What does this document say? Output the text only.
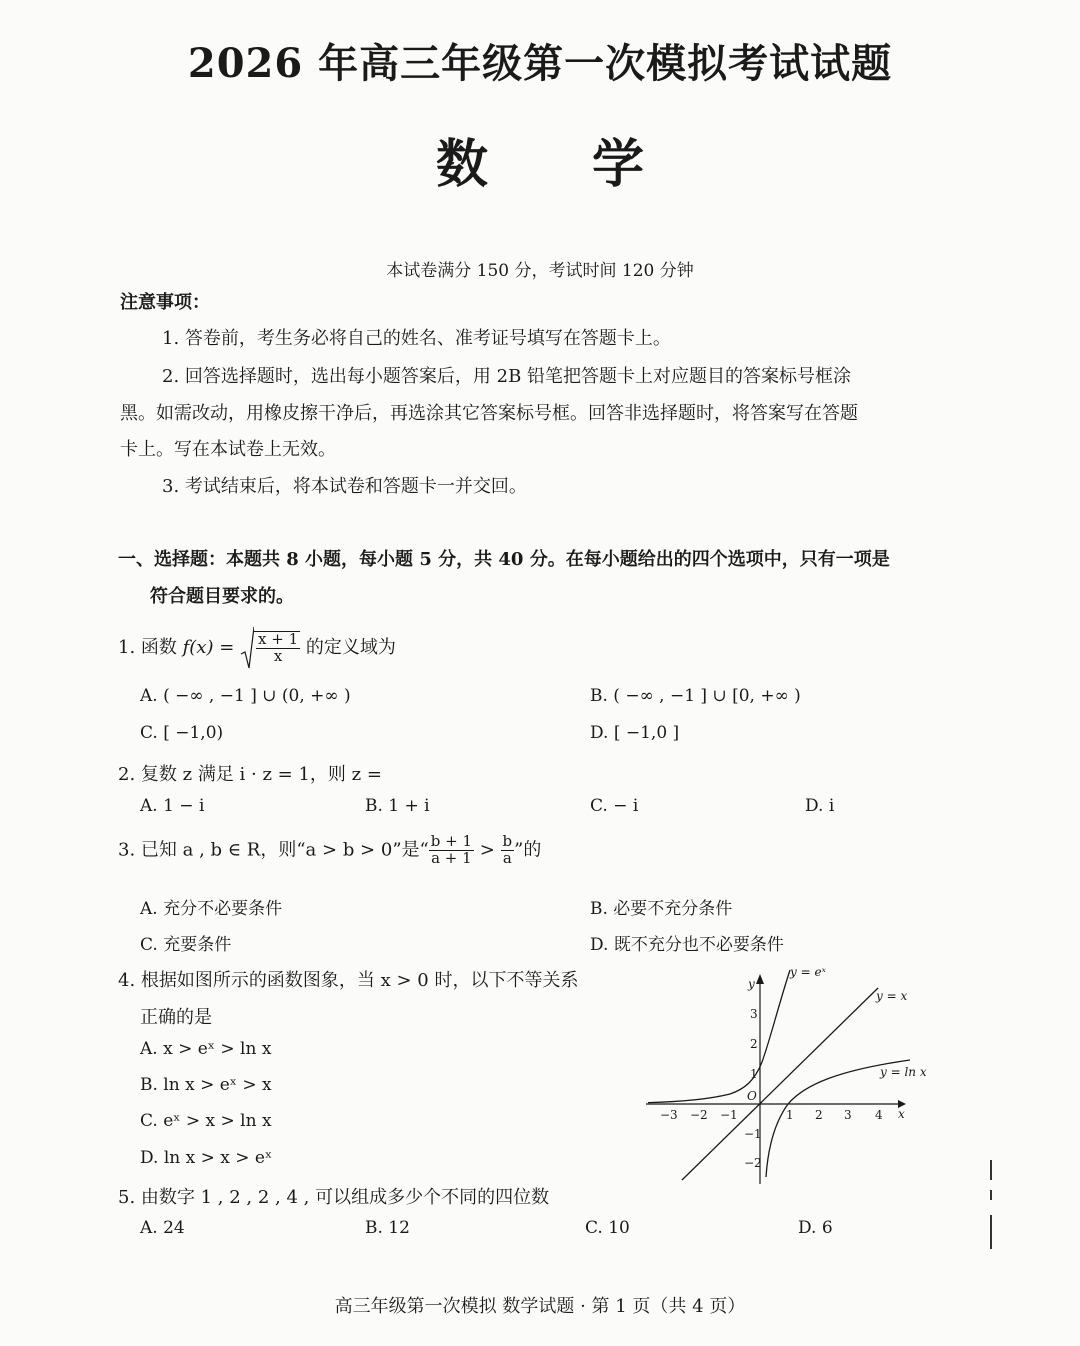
2026 年高三年级第一次模拟考试试题
数 学
本试卷满分 150 分，考试时间 120 分钟
注意事项：
1. 答卷前，考生务必将自己的姓名、准考证号填写在答题卡上。
2. 回答选择题时，选出每小题答案后，用 2B 铅笔把答题卡上对应题目的答案标号框涂
黑。如需改动，用橡皮擦干净后，再选涂其它答案标号框。回答非选择题时，将答案写在答题
卡上。写在本试卷上无效。
3. 考试结束后，将本试卷和答题卡一并交回。
一、选择题：本题共 8 小题，每小题 5 分，共 40 分。在每小题给出的四个选项中，只有一项是
符合题目要求的。
1. 函数 $f(x) = \frac{x + 1}{x}$ 的定义域为
A. ( −∞ , −1 ] ∪ (0, +∞ )	B. ( −∞ , −1 ] ∪ [0, +∞ )
C. [ −1,0)	D. [ −1,0 ]
2. 复数 z 满足 i · z = 1，则 z =
A. 1 − i	B. 1 + i	C. − i	D. i
3. 已知 a , b ∈ R，则“a > b > 0”是“ $\frac{b + 1}{a + 1} > \frac{b}{a}$ ”的
A. 充分不必要条件	B. 必要不充分条件
C. 充要条件	D. 既不充分也不必要条件
4. 根据如图所示的函数图象，当 x > 0 时，以下不等关系
正确的是
A. x > eˣ > ln x
B. ln x > eˣ > x
C. eˣ > x > ln x
D. ln x > x > eˣ
x
y
O
−3 −2 −1	1 2 3 4
3
2
1
−1
−2
y = eˣ
y = x
y = ln x
5. 由数字 1 , 2 , 2 , 4 , 可以组成多少个不同的四位数
A. 24	B. 12	C. 10	D. 6
高三年级第一次模拟 数学试题 · 第 1 页（共 4 页）
